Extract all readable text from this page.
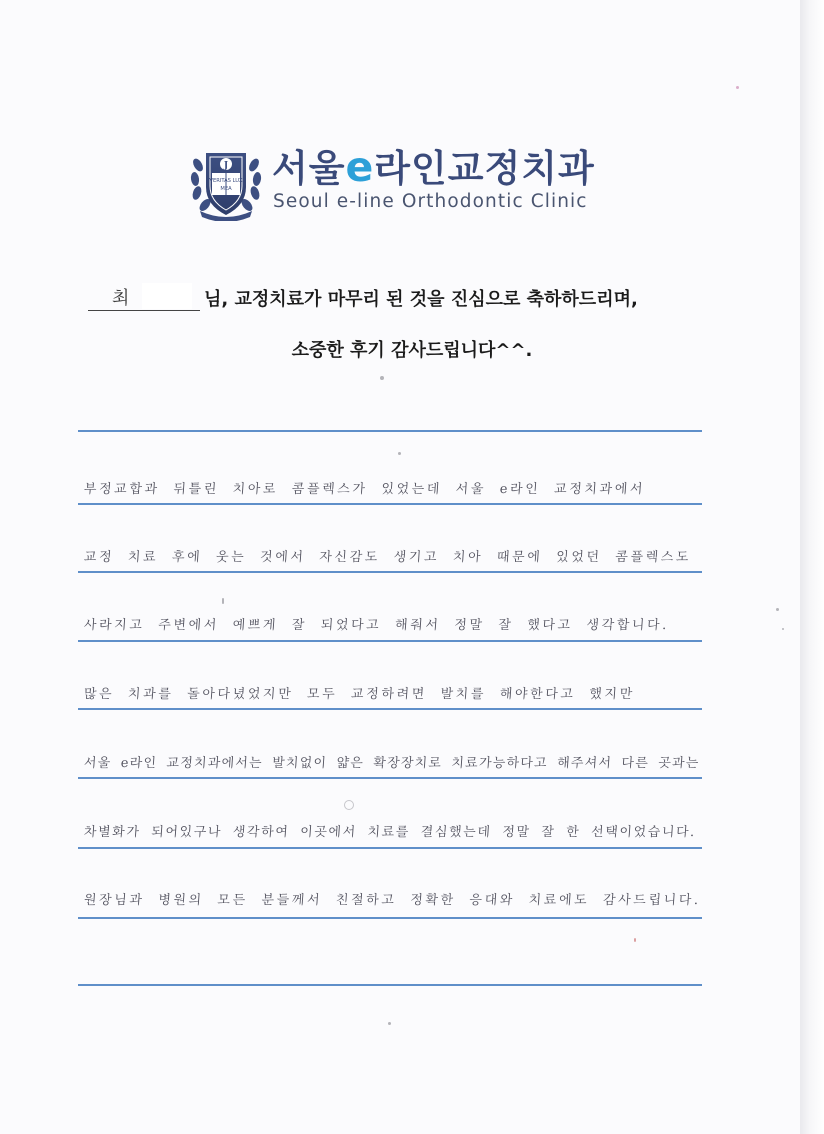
J
VERITAS LUX
MEA 서울e라인교정치과
Seoul e-line Orthodontic Clinic
최	님, 교정치료가 마무리 된 것을 진심으로 축하하드리며,
소중한 후기 감사드립니다^^.
부정교합과 뒤틀린 치아로 콤플렉스가 있었는데 서울 e라인 교정치과에서
교정 치료 후에 웃는 것에서 자신감도 생기고 치아 때문에 있었던 콤플렉스도
사라지고 주변에서 예쁘게 잘 되었다고 해줘서 정말 잘 했다고 생각합니다.
많은 치과를 돌아다녔었지만 모두 교정하려면 발치를 해야한다고 했지만
서울 e라인 교정치과에서는 발치없이 얇은 확장장치로 치료가능하다고 해주셔서 다른 곳과는
차별화가 되어있구나 생각하여 이곳에서 치료를 결심했는데 정말 잘 한 선택이었습니다.
원장님과 병원의 모든 분들께서 친절하고 정확한 응대와 치료에도 감사드립니다.
